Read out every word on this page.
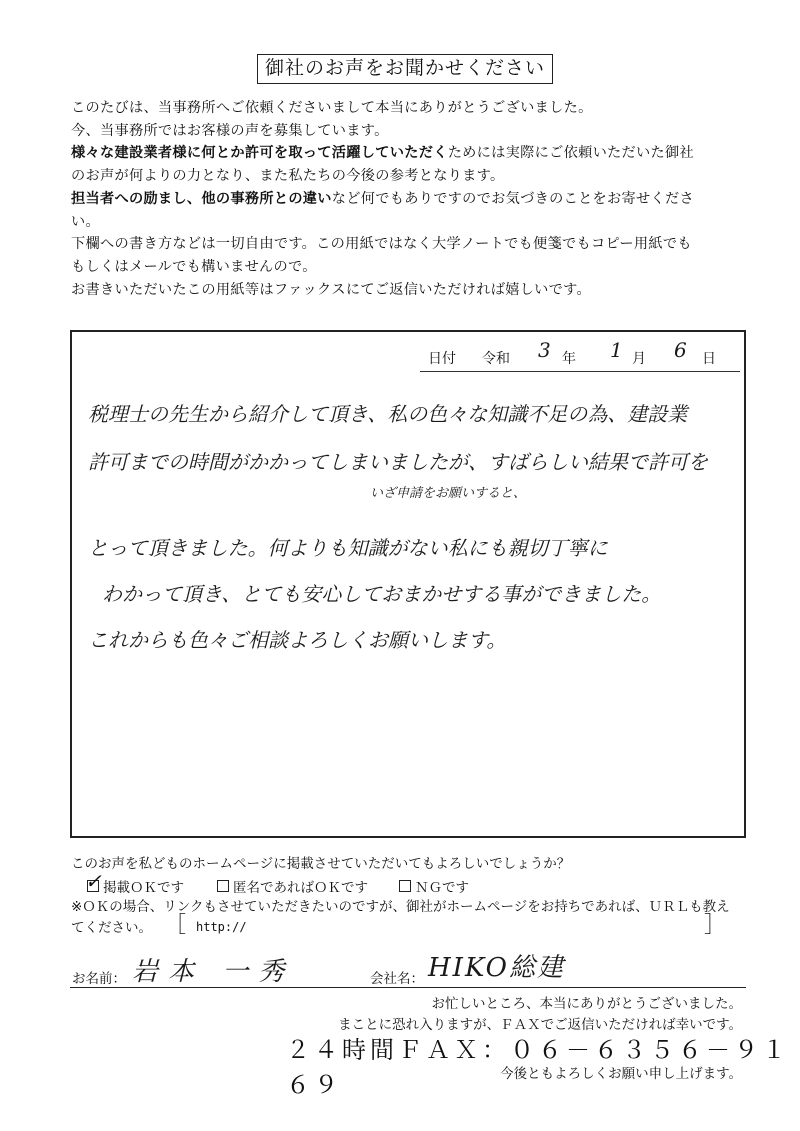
御社のお声をお聞かせください
このたびは、当事務所へご依頼くださいまして本当にありがとうございました。
今、当事務所ではお客様の声を募集しています。
様々な建設業者様に何とか許可を取って活躍していただくためには実際にご依頼いただいた御社
のお声が何よりの力となり、また私たちの今後の参考となります。
担当者への励まし、他の事務所との違いなど何でもありですのでお気づきのことをお寄せくださ
い。
下欄への書き方などは一切自由です。この用紙ではなく大学ノートでも便箋でもコピー用紙でも
もしくはメールでも構いませんので。
お書きいただいたこの用紙等はファックスにてご返信いただければ嬉しいです。
日付 令和 3 年 1 月 6 日
税理士の先生から紹介して頂き、私の色々な知識不足の為、建設業
許可までの時間がかかってしまいましたが、すばらしい結果で許可を
いざ申請をお願いすると、
とって頂きました。何よりも知識がない私にも親切丁寧に
わかって頂き、とても安心しておまかせする事ができました。
これからも色々ご相談よろしくお願いします。
このお声を私どものホームページに掲載させていただいてもよろしいでしょうか？
✓ 掲載ＯＫです	匿名であればＯＫです	ＮＧです
※ＯＫの場合、リンクもさせていただきたいのですが、御社がホームページをお持ちであれば、ＵＲＬも教え
てください。 ［ http://	］
お名前： 岩本 一秀	会社名： HIKO総建
お忙しいところ、本当にありがとうございました。
まことに恐れ入りますが、ＦＡＸでご返信いただければ幸いです。
２４時間ＦＡＸ：０６－６３５６－９１６９	今後ともよろしくお願い申し上げます。
